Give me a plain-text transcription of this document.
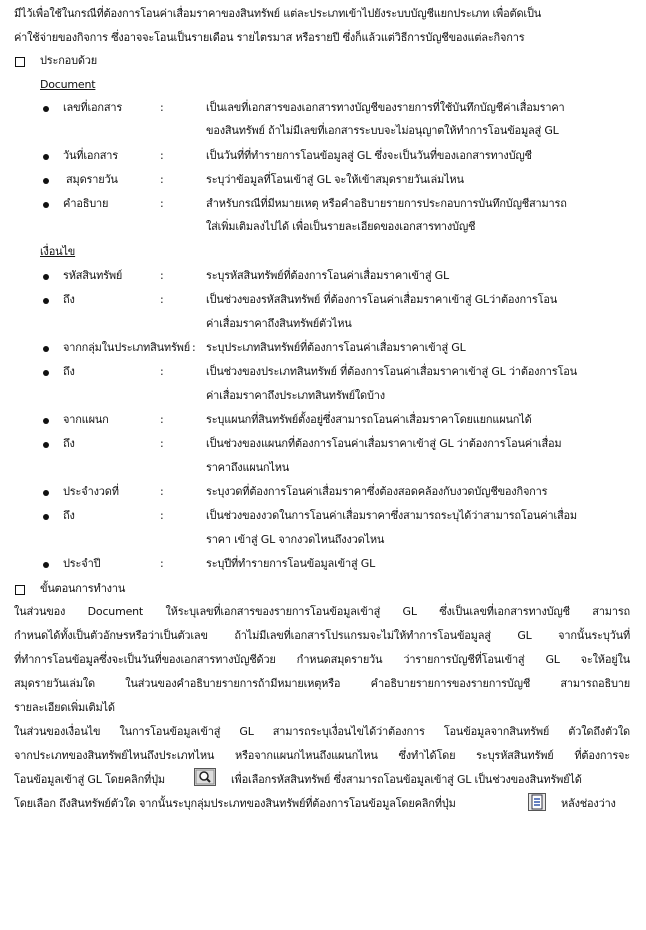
มีไว้เพื่อใช้ในกรณีที่ต้องการโอนค่าเสื่อมราคาของสินทรัพย์ แต่ละประเภทเข้าไปยังระบบบัญชีแยกประเภท เพื่อตัดเป็น
ค่าใช้จ่ายของกิจการ ซึ่งอาจจะโอนเป็นรายเดือน รายไตรมาส หรือรายปี ซึ่งก็แล้วแต่วิธีการบัญชีของแต่ละกิจการ
ประกอบด้วย
Document
เลขที่เอกสาร	:	เป็นเลขที่เอกสารของเอกสารทางบัญชีของรายการที่ใช้บันทึกบัญชีค่าเสื่อมราคา
ของสินทรัพย์ ถ้าไม่มีเลขที่เอกสารระบบจะไม่อนุญาตให้ทำการโอนข้อมูลสู่ GL
วันที่เอกสาร	:	เป็นวันที่ที่ทำรายการโอนข้อมูลสู่ GL ซึ่งจะเป็นวันที่ของเอกสารทางบัญชี
สมุดรายวัน	:	ระบุว่าข้อมูลที่โอนเข้าสู่ GL จะให้เข้าสมุดรายวันเล่มไหน
คำอธิบาย	:	สำหรับกรณีที่มีหมายเหตุ หรือคำอธิบายรายการประกอบการบันทึกบัญชีสามารถ
ใส่เพิ่มเติมลงไปได้ เพื่อเป็นรายละเอียดของเอกสารทางบัญชี
เงื่อนไข
รหัสสินทรัพย์	:	ระบุรหัสสินทรัพย์ที่ต้องการโอนค่าเสื่อมราคาเข้าสู่ GL
ถึง	:	เป็นช่วงของรหัสสินทรัพย์ ที่ต้องการโอนค่าเสื่อมราคาเข้าสู่ GLว่าต้องการโอน
ค่าเสื่อมราคาถึงสินทรัพย์ตัวไหน
จากกลุ่มในประเภทสินทรัพย์ : ระบุประเภทสินทรัพย์ที่ต้องการโอนค่าเสื่อมราคาเข้าสู่ GL
ถึง	:	เป็นช่วงของประเภทสินทรัพย์ ที่ต้องการโอนค่าเสื่อมราคาเข้าสู่ GL ว่าต้องการโอน
ค่าเสื่อมราคาถึงประเภทสินทรัพย์ใดบ้าง
จากแผนก	:	ระบุแผนกที่สินทรัพย์ตั้งอยู่ซึ่งสามารถโอนค่าเสื่อมราคาโดยแยกแผนกได้
ถึง	:	เป็นช่วงของแผนกที่ต้องการโอนค่าเสื่อมราคาเข้าสู่ GL ว่าต้องการโอนค่าเสื่อม
ราคาถึงแผนกไหน
ประจำงวดที่	:	ระบุงวดที่ต้องการโอนค่าเสื่อมราคาซึ่งต้องสอดคล้องกับงวดบัญชีของกิจการ
ถึง	:	เป็นช่วงของงวดในการโอนค่าเสื่อมราคาซึ่งสามารถระบุได้ว่าสามารถโอนค่าเสื่อม
ราคา เข้าสู่ GL จากงวดไหนถึงงวดไหน
ประจำปี	:	ระบุปีที่ทำรายการโอนข้อมูลเข้าสู่ GL
ขั้นตอนการทำงาน
ในส่วนของ Document ให้ระบุเลขที่เอกสารของรายการโอนข้อมูลเข้าสู่ GL ซึ่งเป็นเลขที่เอกสารทางบัญชี สามารถ
กำหนดได้ทั้งเป็นตัวอักษรหรือว่าเป็นตัวเลข ถ้าไม่มีเลขที่เอกสารโปรแกรมจะไม่ให้ทำการโอนข้อมูลสู่ GL จากนั้นระบุวันที่
ที่ทำการโอนข้อมูลซึ่งจะเป็นวันที่ของเอกสารทางบัญชีด้วย กำหนดสมุดรายวัน ว่ารายการบัญชีที่โอนเข้าสู่ GL จะให้อยู่ใน
สมุดรายวันเล่มใด ในส่วนของคำอธิบายรายการถ้ามีหมายเหตุหรือ คำอธิบายรายการของรายการบัญชี สามารถอธิบาย
รายละเอียดเพิ่มเติมได้
ในส่วนของเงื่อนไข ในการโอนข้อมูลเข้าสู่ GL สามารถระบุเงื่อนไขได้ว่าต้องการ โอนข้อมูลจากสินทรัพย์ ตัวใดถึงตัวใด
จากประเภทของสินทรัพย์ไหนถึงประเภทไหน หรือจากแผนกไหนถึงแผนกไหน ซึ่งทำได้โดย ระบุรหัสสินทรัพย์ ที่ต้องการจะ
โอนข้อมูลเข้าสู่ GL โดยคลิกที่ปุ่ม	เพื่อเลือกรหัสสินทรัพย์ ซึ่งสามารถโอนข้อมูลเข้าสู่ GL เป็นช่วงของสินทรัพย์ได้
โดยเลือก ถึงสินทรัพย์ตัวใด จากนั้นระบุกลุ่มประเภทของสินทรัพย์ที่ต้องการโอนข้อมูลโดยคลิกที่ปุ่ม	หลังช่องว่าง
